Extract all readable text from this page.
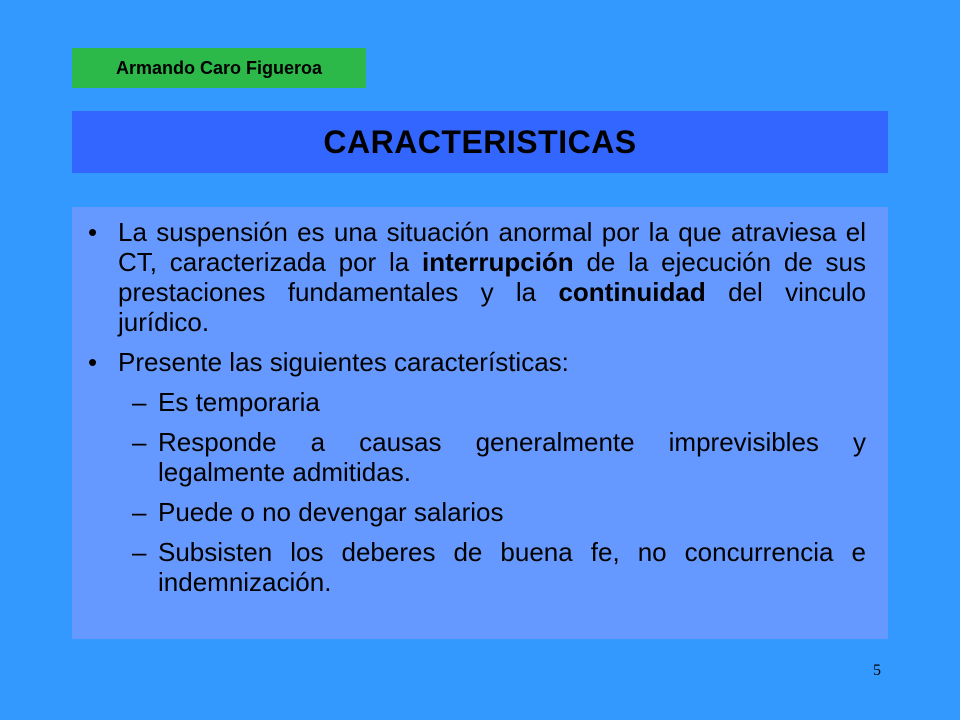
Armando Caro Figueroa
CARACTERISTICAS
• La suspensión es una situación anormal por la que atraviesa el CT, caracterizada por la interrupción de la ejecución de sus prestaciones fundamentales y la continuidad del vinculo jurídico.
• Presente las siguientes características:
– Es temporaria
– Responde a causas generalmente imprevisibles y legalmente admitidas.
– Puede o no devengar salarios
– Subsisten los deberes de buena fe, no concurrencia e indemnización.
5
